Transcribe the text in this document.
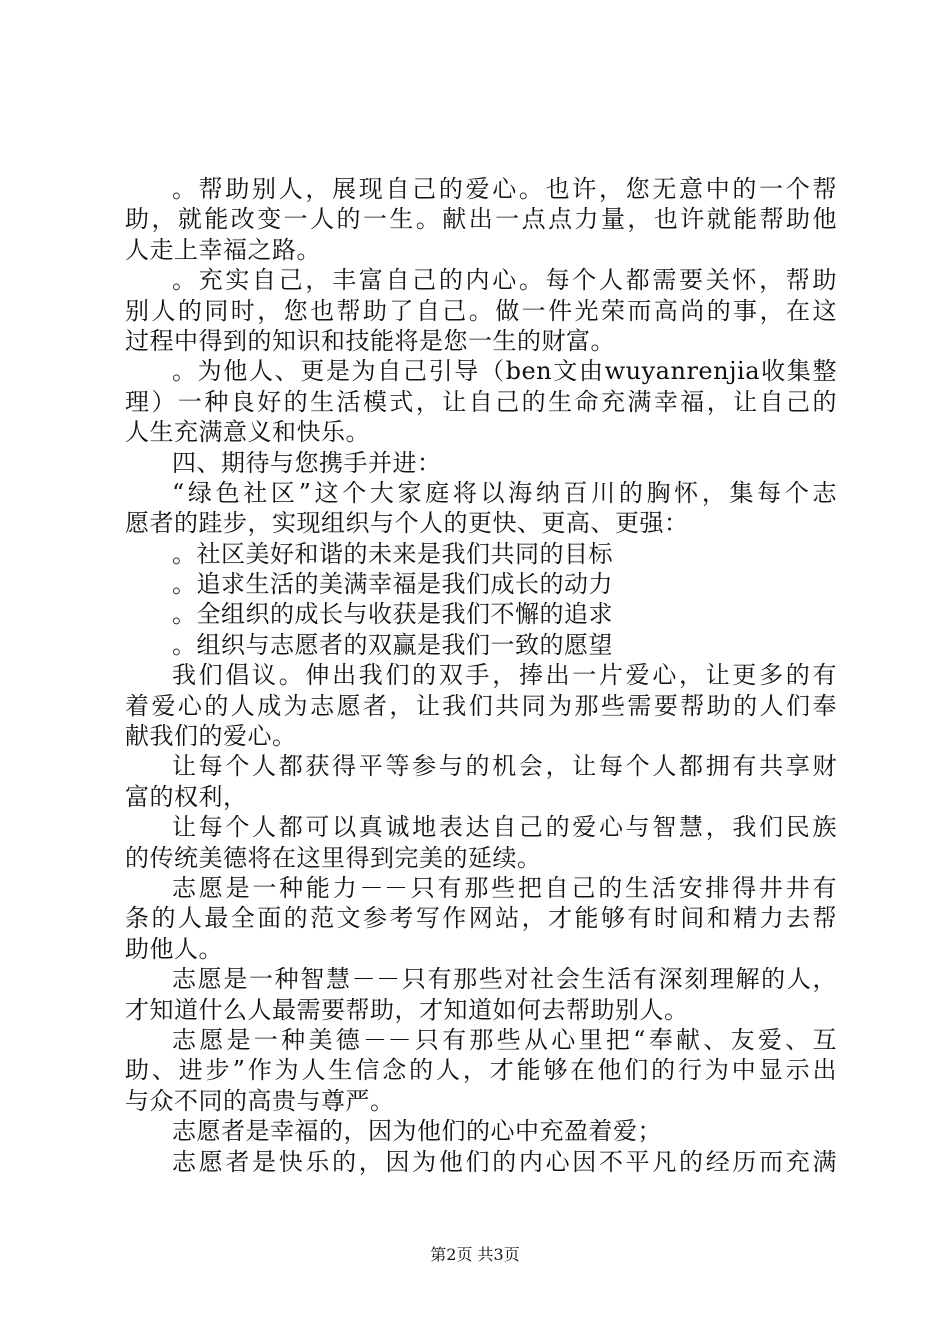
。帮助别人，展现自己的爱心。也许，您无意中的一个帮
助，就能改变一人的一生。献出一点点力量，也许就能帮助他
人走上幸福之路。
。充实自己，丰富自己的内心。每个人都需要关怀，帮助
别人的同时，您也帮助了自己。做一件光荣而高尚的事，在这
过程中得到的知识和技能将是您一生的财富。
。为他人、更是为自己引导（ben文由wuyanrenjia收集整
理）一种良好的生活模式，让自己的生命充满幸福，让自己的
人生充满意义和快乐。
四、期待与您携手并进：
“绿色社区”这个大家庭将以海纳百川的胸怀，集每个志
愿者的跬步，实现组织与个人的更快、更高、更强：
。社区美好和谐的未来是我们共同的目标
。追求生活的美满幸福是我们成长的动力
。全组织的成长与收获是我们不懈的追求
。组织与志愿者的双赢是我们一致的愿望
我们倡议。伸出我们的双手，捧出一片爱心，让更多的有
着爱心的人成为志愿者，让我们共同为那些需要帮助的人们奉
献我们的爱心。
让每个人都获得平等参与的机会，让每个人都拥有共享财
富的权利，
让每个人都可以真诚地表达自己的爱心与智慧，我们民族
的传统美德将在这里得到完美的延续。
志愿是一种能力－－只有那些把自己的生活安排得井井有
条的人最全面的范文参考写作网站，才能够有时间和精力去帮
助他人。
志愿是一种智慧－－只有那些对社会生活有深刻理解的人，
才知道什么人最需要帮助，才知道如何去帮助别人。
志愿是一种美德－－只有那些从心里把“奉献、友爱、互
助、进步”作为人生信念的人，才能够在他们的行为中显示出
与众不同的高贵与尊严。
志愿者是幸福的，因为他们的心中充盈着爱；
志愿者是快乐的，因为他们的内心因不平凡的经历而充满
第2页 共3页
